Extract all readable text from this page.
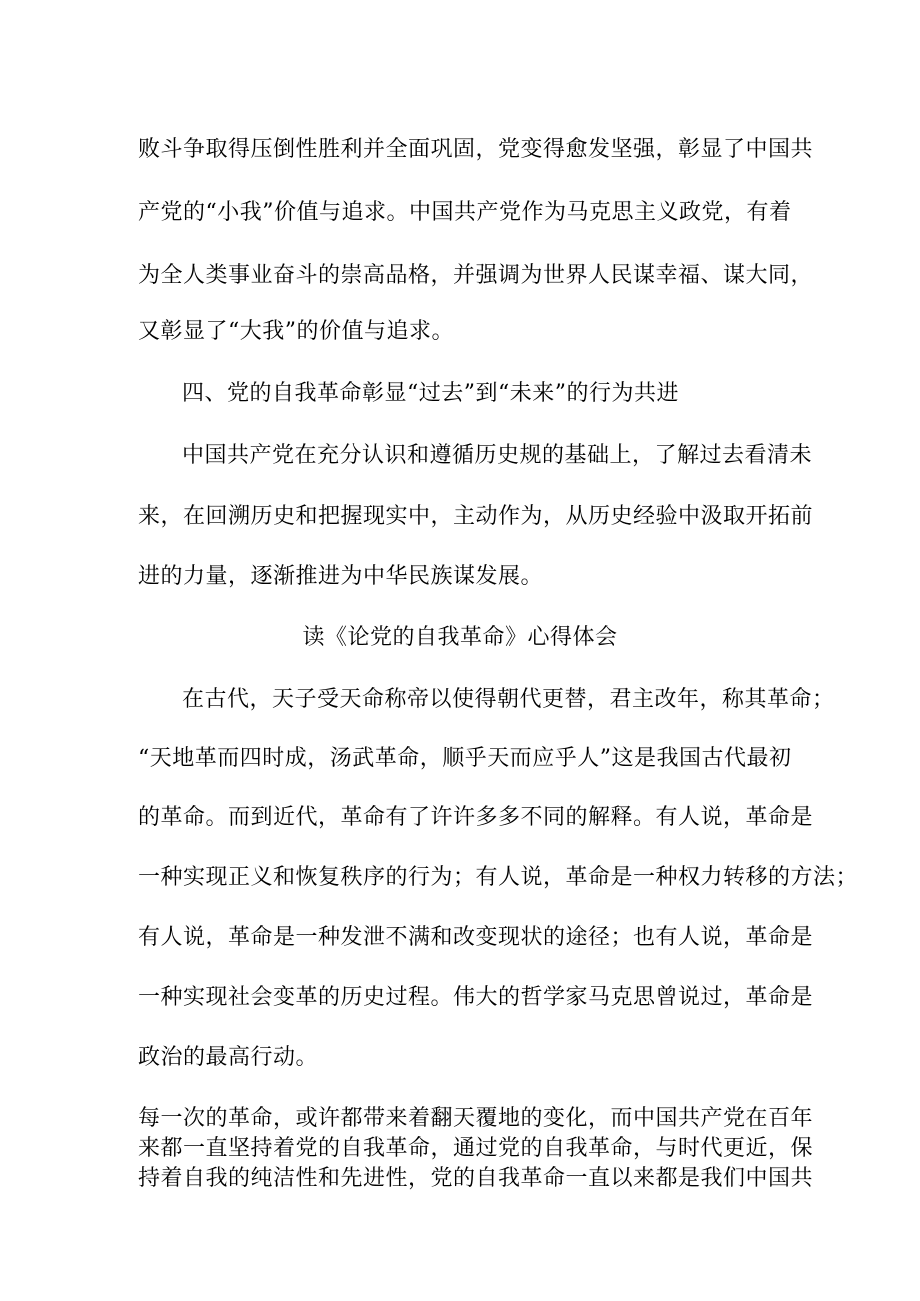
败斗争取得压倒性胜利并全面巩固，党变得愈发坚强，彰显了中国共
产党的“小我”价值与追求。中国共产党作为马克思主义政党，有着
为全人类事业奋斗的崇高品格，并强调为世界人民谋幸福、谋大同，
又彰显了“大我”的价值与追求。
四、党的自我革命彰显“过去”到“未来”的行为共进
中国共产党在充分认识和遵循历史规的基础上，了解过去看清未
来，在回溯历史和把握现实中，主动作为，从历史经验中汲取开拓前
进的力量，逐渐推进为中华民族谋发展。
读《论党的自我革命》心得体会
在古代，天子受天命称帝以使得朝代更替，君主改年，称其革命；
“天地革而四时成，汤武革命，顺乎天而应乎人”这是我国古代最初
的革命。而到近代，革命有了许许多多不同的解释。有人说，革命是
一种实现正义和恢复秩序的行为；有人说，革命是一种权力转移的方法；
有人说，革命是一种发泄不满和改变现状的途径；也有人说，革命是
一种实现社会变革的历史过程。伟大的哲学家马克思曾说过，革命是
政治的最高行动。
每一次的革命，或许都带来着翻天覆地的变化，而中国共产党在百年
来都一直坚持着党的自我革命，通过党的自我革命，与时代更近，保
持着自我的纯洁性和先进性，党的自我革命一直以来都是我们中国共
